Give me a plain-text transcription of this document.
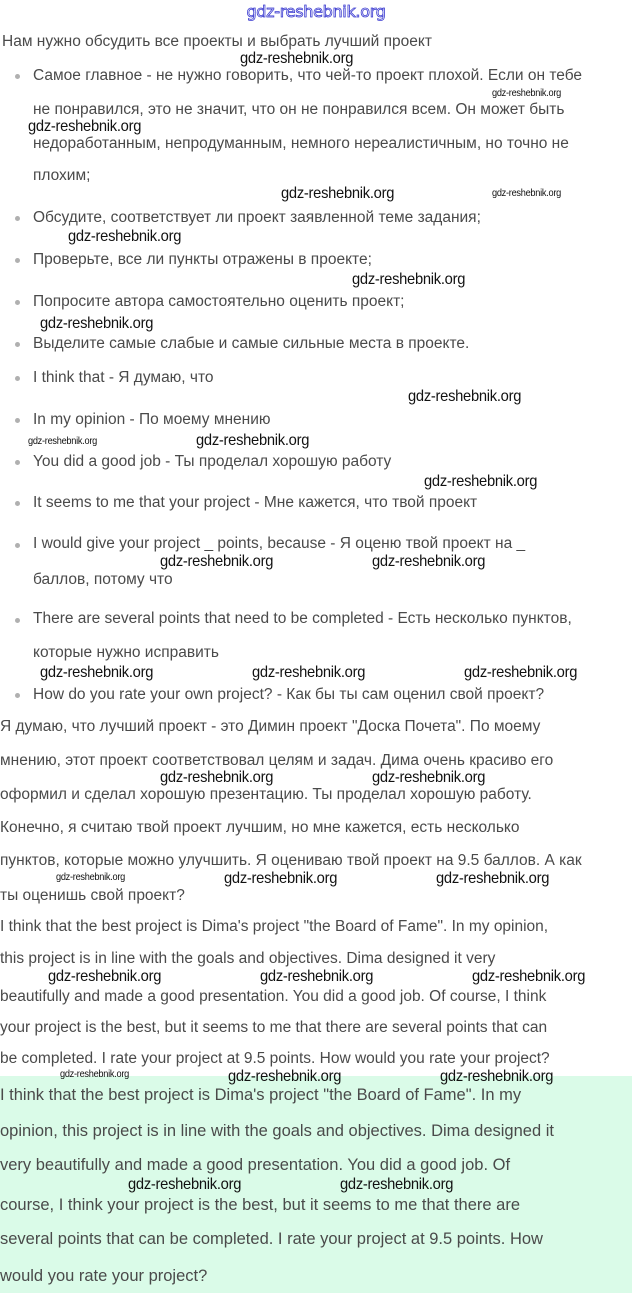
gdz-reshebnik.org
Нам нужно обсудить все проекты и выбрать лучший проект
Самое главное - не нужно говорить, что чей-то проект плохой. Если он тебе
не понравился, это не значит, что он не понравился всем. Он может быть
недоработанным, непродуманным, немного нереалистичным, но точно не
плохим;
Обсудите, соответствует ли проект заявленной теме задания;
Проверьте, все ли пункты отражены в проекте;
Попросите автора самостоятельно оценить проект;
Выделите самые слабые и самые сильные места в проекте.
I think that - Я думаю, что
In my opinion - По моему мнению
You did a good job - Ты проделал хорошую работу
It seems to me that your project - Мне кажется, что твой проект
I would give your project _ points, because - Я оценю твой проект на _
баллов, потому что
There are several points that need to be completed - Есть несколько пунктов,
которые нужно исправить
How do you rate your own project? - Как бы ты сам оценил свой проект?
Я думаю, что лучший проект - это Димин проект "Доска Почета". По моему
мнению, этот проект соответствовал целям и задач. Дима очень красиво его
оформил и сделал хорошую презентацию. Ты проделал хорошую работу.
Конечно, я считаю твой проект лучшим, но мне кажется, есть несколько
пунктов, которые можно улучшить. Я оцениваю твой проект на 9.5 баллов. А как
ты оценишь свой проект?
I think that the best project is Dima's project "the Board of Fame". In my opinion,
this project is in line with the goals and objectives. Dima designed it very
beautifully and made a good presentation. You did a good job. Of course, I think
your project is the best, but it seems to me that there are several points that can
be completed. I rate your project at 9.5 points. How would you rate your project?
I think that the best project is Dima's project "the Board of Fame". In my
opinion, this project is in line with the goals and objectives. Dima designed it
very beautifully and made a good presentation. You did a good job. Of
course, I think your project is the best, but it seems to me that there are
several points that can be completed. I rate your project at 9.5 points. How
would you rate your project?
gdz-reshebnik.org
gdz-reshebnik.org
gdz-reshebnik.org
gdz-reshebnik.org	gdz-reshebnik.org
gdz-reshebnik.org
gdz-reshebnik.org
gdz-reshebnik.org
gdz-reshebnik.org
gdz-reshebnik.org	gdz-reshebnik.org
gdz-reshebnik.org
gdz-reshebnik.org	gdz-reshebnik.org
gdz-reshebnik.org	gdz-reshebnik.org
gdz-reshebnik.org
gdz-reshebnik.org	gdz-reshebnik.org
gdz-reshebnik.org	gdz-reshebnik.org	gdz-reshebnik.org
gdz-reshebnik.org	gdz-reshebnik.org	gdz-reshebnik.org
gdz-reshebnik.org	gdz-reshebnik.org	gdz-reshebnik.org
gdz-reshebnik.org	gdz-reshebnik.org
